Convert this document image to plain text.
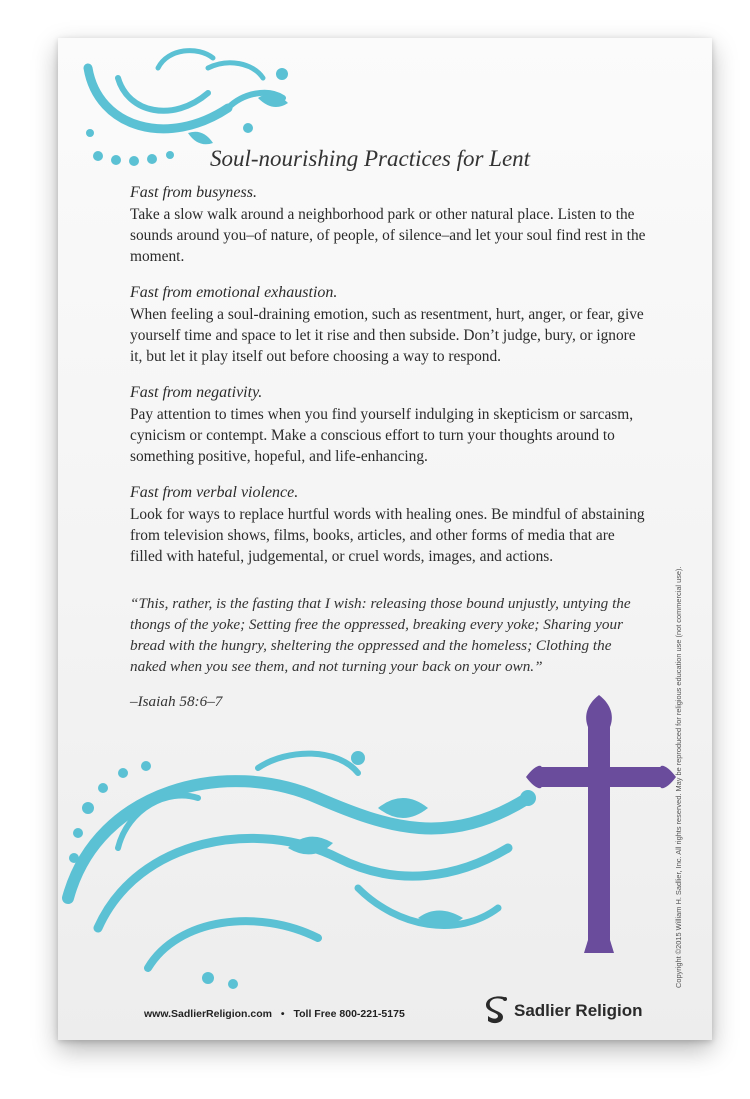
Soul-nourishing Practices for Lent

Fast from busyness.

Take a slow walk around a neighborhood park or other natural place. Listen to the sounds around you–of nature, of people, of silence–and let your soul find rest in the moment.

Fast from emotional exhaustion.

When feeling a soul-draining emotion, such as resentment, hurt, anger, or fear, give yourself time and space to let it rise and then subside. Don’t judge, bury, or ignore it, but let it play itself out before choosing a way to respond.

Fast from negativity.

Pay attention to times when you find yourself indulging in skepticism or sarcasm, cynicism or contempt. Make a conscious effort to turn your thoughts around to something positive, hopeful, and life-enhancing.

Fast from verbal violence.

Look for ways to replace hurtful words with healing ones. Be mindful of abstaining from television shows, films, books, articles, and other forms of media that are filled with hateful, judgemental, or cruel words, images, and actions.

“This, rather, is the fasting that I wish: releasing those bound unjustly, untying the thongs of the yoke; Setting free the oppressed, breaking every yoke; Sharing your bread with the hungry, sheltering the oppressed and the homeless; Clothing the naked when you see them, and not turning your back on your own.”
–Isaiah 58:6–7	Copyright ©2015 William H. Sadlier, Inc. All rights reserved. May be reproduced for religious education use (not commercial use).
www.SadlierReligion.com • Toll Free 800-221-5175	Sadlier Religion
